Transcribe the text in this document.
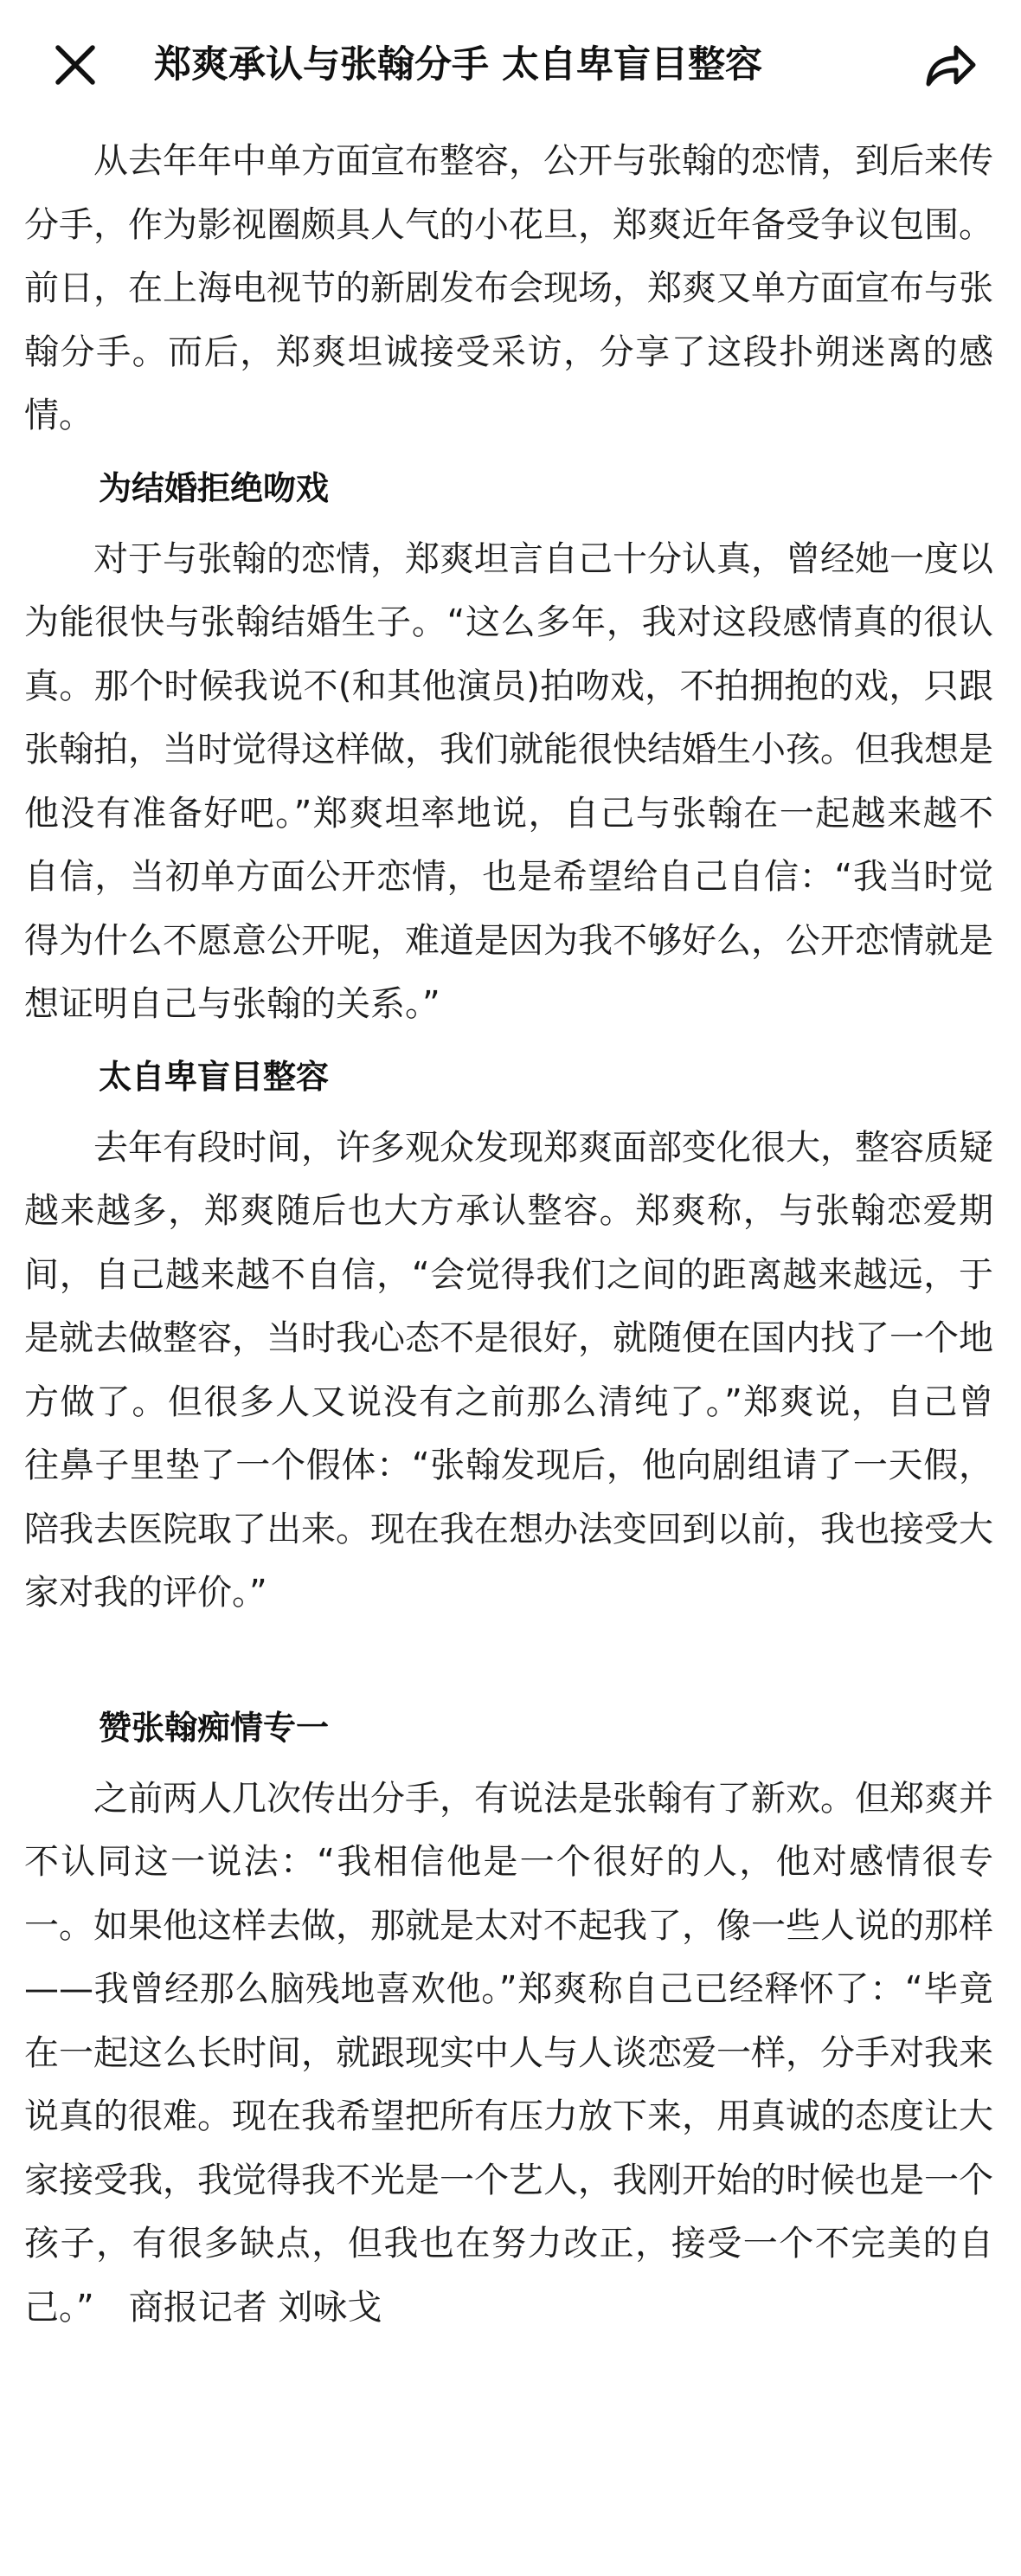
郑爽承认与张翰分手 太自卑盲目整容

从去年年中单方面宣布整容，公开与张翰的恋情，到后来传分手，作为影视圈颇具人气的小花旦，郑爽近年备受争议包围。前日，在上海电视节的新剧发布会现场，郑爽又单方面宣布与张翰分手。而后，郑爽坦诚接受采访，分享了这段扑朔迷离的感情。

为结婚拒绝吻戏

对于与张翰的恋情，郑爽坦言自己十分认真，曾经她一度以为能很快与张翰结婚生子。“这么多年，我对这段感情真的很认真。那个时候我说不(和其他演员)拍吻戏，不拍拥抱的戏，只跟张翰拍，当时觉得这样做，我们就能很快结婚生小孩。但我想是他没有准备好吧。”郑爽坦率地说，自己与张翰在一起越来越不自信，当初单方面公开恋情，也是希望给自己自信：“我当时觉得为什么不愿意公开呢，难道是因为我不够好么，公开恋情就是想证明自己与张翰的关系。”

太自卑盲目整容

去年有段时间，许多观众发现郑爽面部变化很大，整容质疑越来越多，郑爽随后也大方承认整容。郑爽称，与张翰恋爱期间，自己越来越不自信，“会觉得我们之间的距离越来越远，于是就去做整容，当时我心态不是很好，就随便在国内找了一个地方做了。但很多人又说没有之前那么清纯了。”郑爽说，自己曾往鼻子里垫了一个假体：“张翰发现后，他向剧组请了一天假，陪我去医院取了出来。现在我在想办法变回到以前，我也接受大家对我的评价。”

赞张翰痴情专一

之前两人几次传出分手，有说法是张翰有了新欢。但郑爽并不认同这一说法：“我相信他是一个很好的人，他对感情很专一。如果他这样去做，那就是太对不起我了，像一些人说的那样——我曾经那么脑残地喜欢他。”郑爽称自己已经释怀了：“毕竟在一起这么长时间，就跟现实中人与人谈恋爱一样，分手对我来说真的很难。现在我希望把所有压力放下来，用真诚的态度让大家接受我，我觉得我不光是一个艺人，我刚开始的时候也是一个孩子，有很多缺点，但我也在努力改正，接受一个不完美的自己。”　商报记者 刘咏戈
